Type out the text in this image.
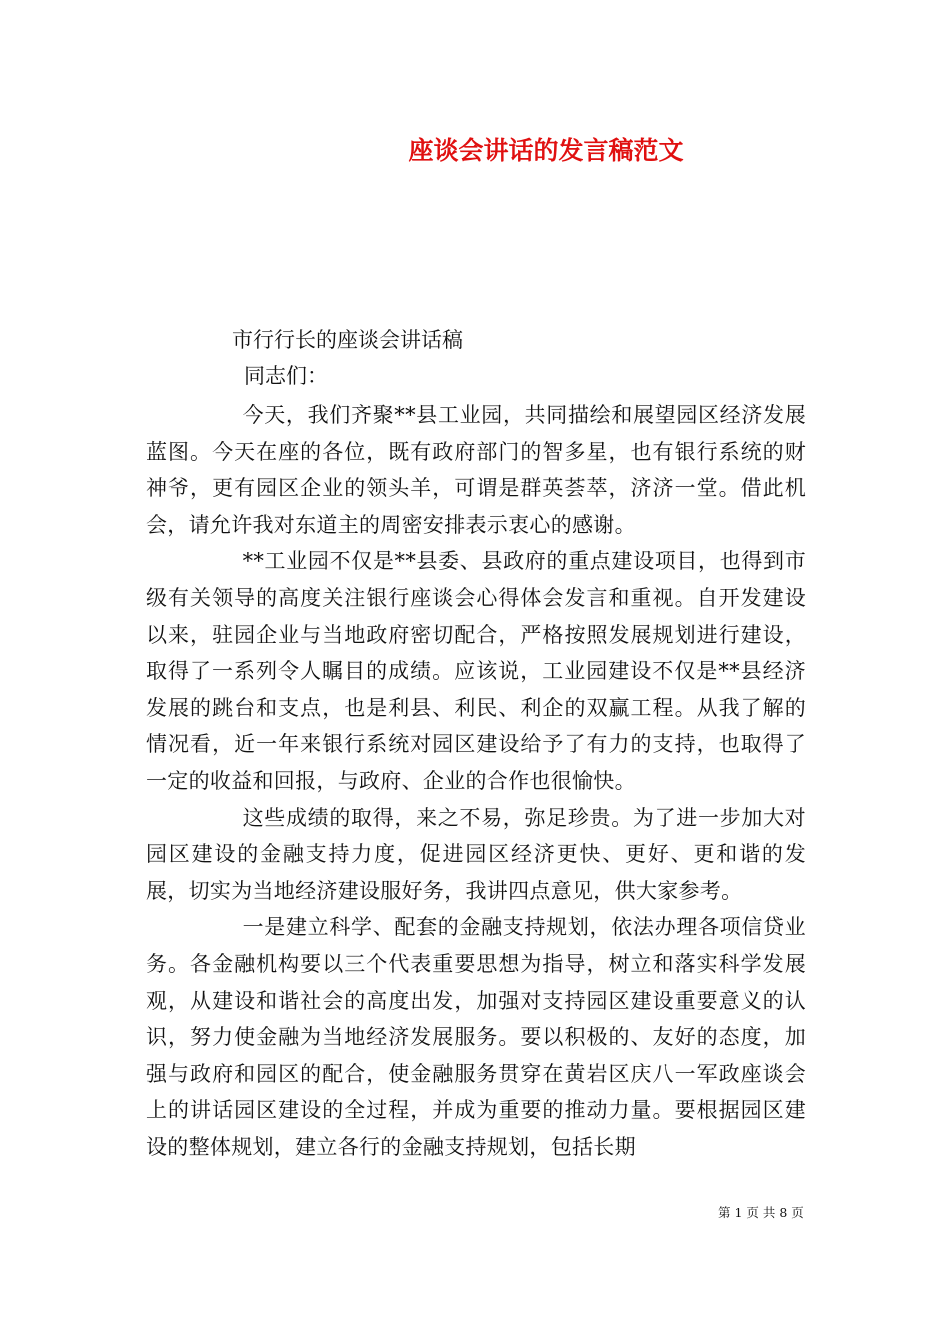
座谈会讲话的发言稿范文
市行行长的座谈会讲话稿
同志们：

今天，我们齐聚**县工业园，共同描绘和展望园区经济发展蓝图。今天在座的各位，既有政府部门的智多星，也有银行系统的财神爷，更有园区企业的领头羊，可谓是群英荟萃，济济一堂。借此机会，请允许我对东道主的周密安排表示衷心的感谢。

**工业园不仅是**县委、县政府的重点建设项目，也得到市级有关领导的高度关注银行座谈会心得体会发言和重视。自开发建设以来，驻园企业与当地政府密切配合，严格按照发展规划进行建设，取得了一系列令人瞩目的成绩。应该说，工业园建设不仅是**县经济发展的跳台和支点，也是利县、利民、利企的双赢工程。从我了解的情况看，近一年来银行系统对园区建设给予了有力的支持，也取得了一定的收益和回报，与政府、企业的合作也很愉快。

这些成绩的取得，来之不易，弥足珍贵。为了进一步加大对园区建设的金融支持力度，促进园区经济更快、更好、更和谐的发展，切实为当地经济建设服好务，我讲四点意见，供大家参考。

一是建立科学、配套的金融支持规划，依法办理各项信贷业务。各金融机构要以三个代表重要思想为指导，树立和落实科学发展观，从建设和谐社会的高度出发，加强对支持园区建设重要意义的认识，努力使金融为当地经济发展服务。要以积极的、友好的态度，加强与政府和园区的配合，使金融服务贯穿在黄岩区庆八一军政座谈会上的讲话园区建设的全过程，并成为重要的推动力量。要根据园区建设的整体规划，建立各行的金融支持规划，包括长期

第 1 页 共 8 页
